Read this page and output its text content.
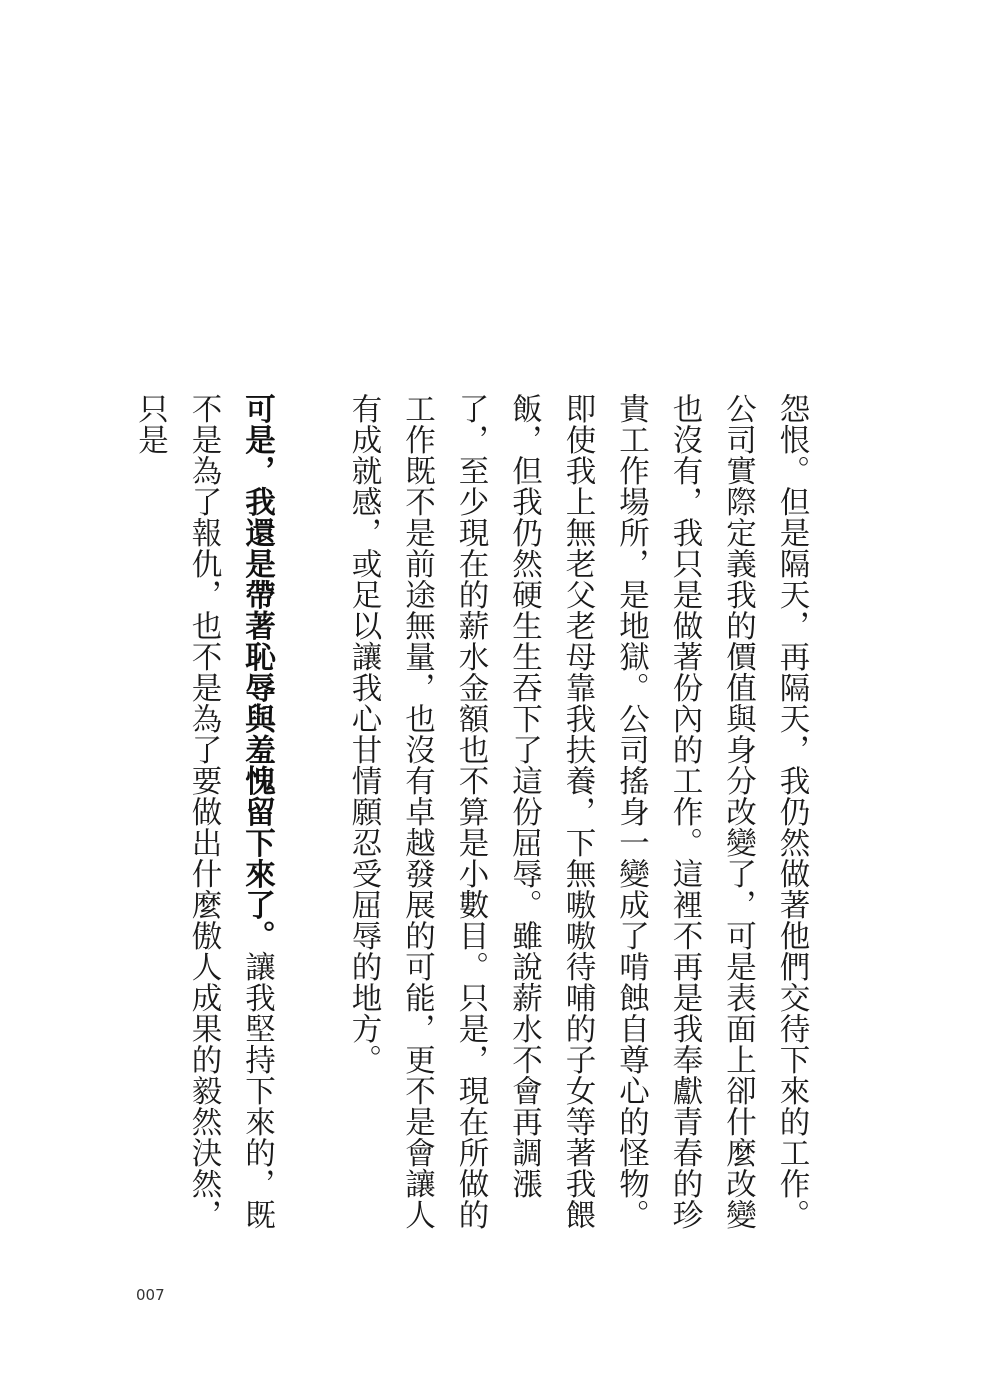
怨恨。但是隔天，再隔天，我仍然做著他們交待下來的工作。公司實際定義我的價值與身分改變了，可是表面上卻什麼改變也沒有，我只是做著份內的工作。這裡不再是我奉獻青春的珍貴工作場所，是地獄。公司搖身一變成了啃蝕自尊心的怪物。

即使我上無老父老母靠我扶養，下無嗷嗷待哺的子女等著我餵飯，但我仍然硬生生吞下了這份屈辱。雖說薪水不會再調漲了，至少現在的薪水金額也不算是小數目。只是，現在所做的工作既不是前途無量，也沒有卓越發展的可能，更不是會讓人有成就感，或足以讓我心甘情願忍受屈辱的地方。

可是，我還是帶著恥辱與羞愧留下來了。讓我堅持下來的，既不是為了報仇，也不是為了要做出什麼傲人成果的毅然決然，只是

007
